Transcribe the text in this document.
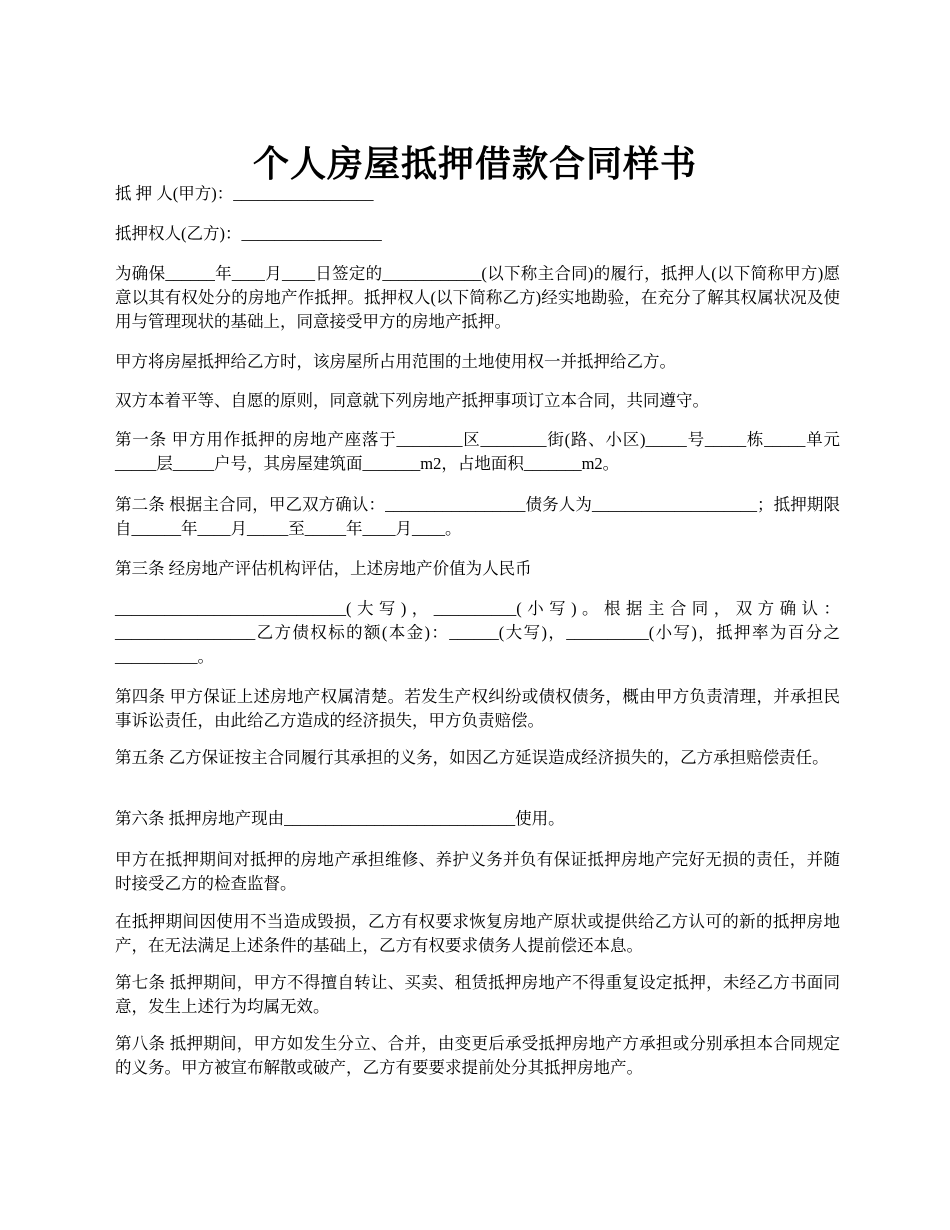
个人房屋抵押借款合同样书

抵 押 人(甲方)：_________________

抵押权人(乙方)：_________________

为确保______年____月____日签定的____________(以下称主合同)的履行，抵押人(以下简称甲方)愿意以其有权处分的房地产作抵押。抵押权人(以下简称乙方)经实地勘验，在充分了解其权属状况及使用与管理现状的基础上，同意接受甲方的房地产抵押。

甲方将房屋抵押给乙方时，该房屋所占用范围的土地使用权一并抵押给乙方。

双方本着平等、自愿的原则，同意就下列房地产抵押事项订立本合同，共同遵守。

第一条 甲方用作抵押的房地产座落于________区________街(路、小区)_____号_____栋_____单元_____层_____户号，其房屋建筑面_______m2，占地面积_______m2。

第二条 根据主合同，甲乙双方确认：_________________债务人为____________________；抵押期限自______年____月_____至_____年____月____。

第三条 经房地产评估机构评估，上述房地产价值为人民币

____________________________(大写)，__________(小写)。根据主合同，双方确认：_________________乙方债权标的额(本金)：______(大写)，__________(小写)，抵押率为百分之 __________。

第四条 甲方保证上述房地产权属清楚。若发生产权纠纷或债权债务，概由甲方负责清理，并承担民事诉讼责任，由此给乙方造成的经济损失，甲方负责赔偿。

第五条 乙方保证按主合同履行其承担的义务，如因乙方延误造成经济损失的，乙方承担赔偿责任。

第六条 抵押房地产现由____________________________使用。

甲方在抵押期间对抵押的房地产承担维修、养护义务并负有保证抵押房地产完好无损的责任，并随时接受乙方的检查监督。

在抵押期间因使用不当造成毁损，乙方有权要求恢复房地产原状或提供给乙方认可的新的抵押房地产，在无法满足上述条件的基础上，乙方有权要求债务人提前偿还本息。

第七条 抵押期间，甲方不得擅自转让、买卖、租赁抵押房地产不得重复设定抵押，未经乙方书面同意，发生上述行为均属无效。

第八条 抵押期间，甲方如发生分立、合并，由变更后承受抵押房地产方承担或分别承担本合同规定的义务。甲方被宣布解散或破产，乙方有要要求提前处分其抵押房地产。
